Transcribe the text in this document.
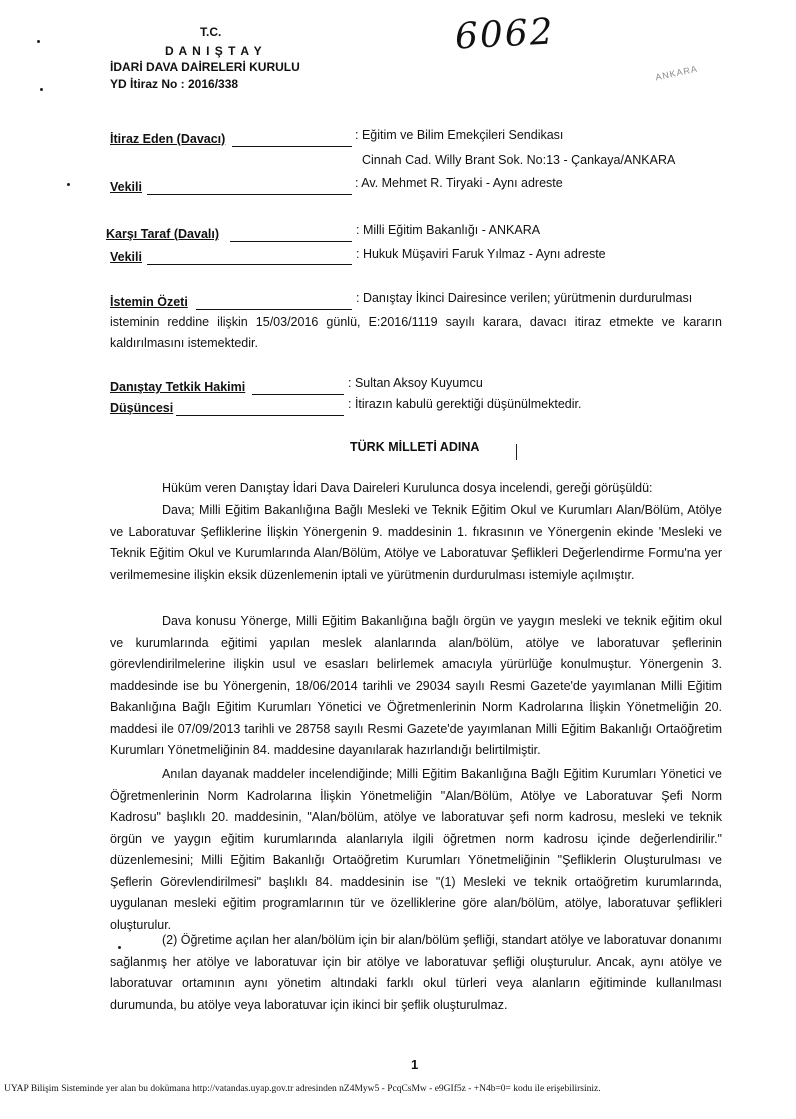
T.C.
D A N I Ş T A Y
İDARİ DAVA DAİRELERİ KURULU
YD İtiraz No : 2016/338
6062
ANKARA
İtiraz Eden (Davacı)	: Eğitim ve Bilim Emekçileri Sendikası
Cinnah Cad. Willy Brant Sok. No:13 - Çankaya/ANKARA
Vekili	: Av. Mehmet R. Tiryaki - Aynı adreste
Karşı Taraf (Davalı)	: Milli Eğitim Bakanlığı - ANKARA
Vekili	: Hukuk Müşaviri Faruk Yılmaz - Aynı adreste
İstemin Özeti	: Danıştay İkinci Dairesince verilen; yürütmenin durdurulması
isteminin reddine ilişkin 15/03/2016 günlü, E:2016/1119 sayılı karara, davacı itiraz etmekte ve kararın kaldırılmasını istemektedir.
Danıştay Tetkik Hakimi	: Sultan Aksoy Kuyumcu
Düşüncesi	: İtirazın kabulü gerektiği düşünülmektedir.
TÜRK MİLLETİ ADINA
Hüküm veren Danıştay İdari Dava Daireleri Kurulunca dosya incelendi, gereği görüşüldü:
Dava; Milli Eğitim Bakanlığına Bağlı Mesleki ve Teknik Eğitim Okul ve Kurumları Alan/Bölüm, Atölye ve Laboratuvar Şefliklerine İlişkin Yönergenin 9. maddesinin 1. fıkrasının ve Yönergenin ekinde 'Mesleki ve Teknik Eğitim Okul ve Kurumlarında Alan/Bölüm, Atölye ve Laboratuvar Şeflikleri Değerlendirme Formu'na yer verilmemesine ilişkin eksik düzenlemenin iptali ve yürütmenin durdurulması istemiyle açılmıştır.
Dava konusu Yönerge, Milli Eğitim Bakanlığına bağlı örgün ve yaygın mesleki ve teknik eğitim okul ve kurumlarında eğitimi yapılan meslek alanlarında alan/bölüm, atölye ve laboratuvar şeflerinin görevlendirilmelerine ilişkin usul ve esasları belirlemek amacıyla yürürlüğe konulmuştur. Yönergenin 3. maddesinde ise bu Yönergenin, 18/06/2014 tarihli ve 29034 sayılı Resmi Gazete'de yayımlanan Milli Eğitim Bakanlığına Bağlı Eğitim Kurumları Yönetici ve Öğretmenlerinin Norm Kadrolarına İlişkin Yönetmeliğin 20. maddesi ile 07/09/2013 tarihli ve 28758 sayılı Resmi Gazete'de yayımlanan Milli Eğitim Bakanlığı Ortaöğretim Kurumları Yönetmeliğinin 84. maddesine dayanılarak hazırlandığı belirtilmiştir.
Anılan dayanak maddeler incelendiğinde; Milli Eğitim Bakanlığına Bağlı Eğitim Kurumları Yönetici ve Öğretmenlerinin Norm Kadrolarına İlişkin Yönetmeliğin "Alan/Bölüm, Atölye ve Laboratuvar Şefi Norm Kadrosu" başlıklı 20. maddesinin, "Alan/bölüm, atölye ve laboratuvar şefi norm kadrosu, mesleki ve teknik örgün ve yaygın eğitim kurumlarında alanlarıyla ilgili öğretmen norm kadrosu içinde değerlendirilir." düzenlemesini; Milli Eğitim Bakanlığı Ortaöğretim Kurumları Yönetmeliğinin "Şefliklerin Oluşturulması ve Şeflerin Görevlendirilmesi" başlıklı 84. maddesinin ise "(1) Mesleki ve teknik ortaöğretim kurumlarında, uygulanan mesleki eğitim programlarının tür ve özelliklerine göre alan/bölüm, atölye, laboratuvar şeflikleri oluşturulur.
(2) Öğretime açılan her alan/bölüm için bir alan/bölüm şefliği, standart atölye ve laboratuvar donanımı sağlanmış her atölye ve laboratuvar için bir atölye ve laboratuvar şefliği oluşturulur. Ancak, aynı atölye ve laboratuvar ortamının aynı yönetim altındaki farklı okul türleri veya alanların eğitiminde kullanılması durumunda, bu atölye veya laboratuvar için ikinci bir şeflik oluşturulmaz.
1
UYAP Bilişim Sisteminde yer alan bu dokümana http://vatandas.uyap.gov.tr adresinden nZ4Myw5 - PcqCsMw - e9GIf5z - +N4b=0= kodu ile erişebilirsiniz.
